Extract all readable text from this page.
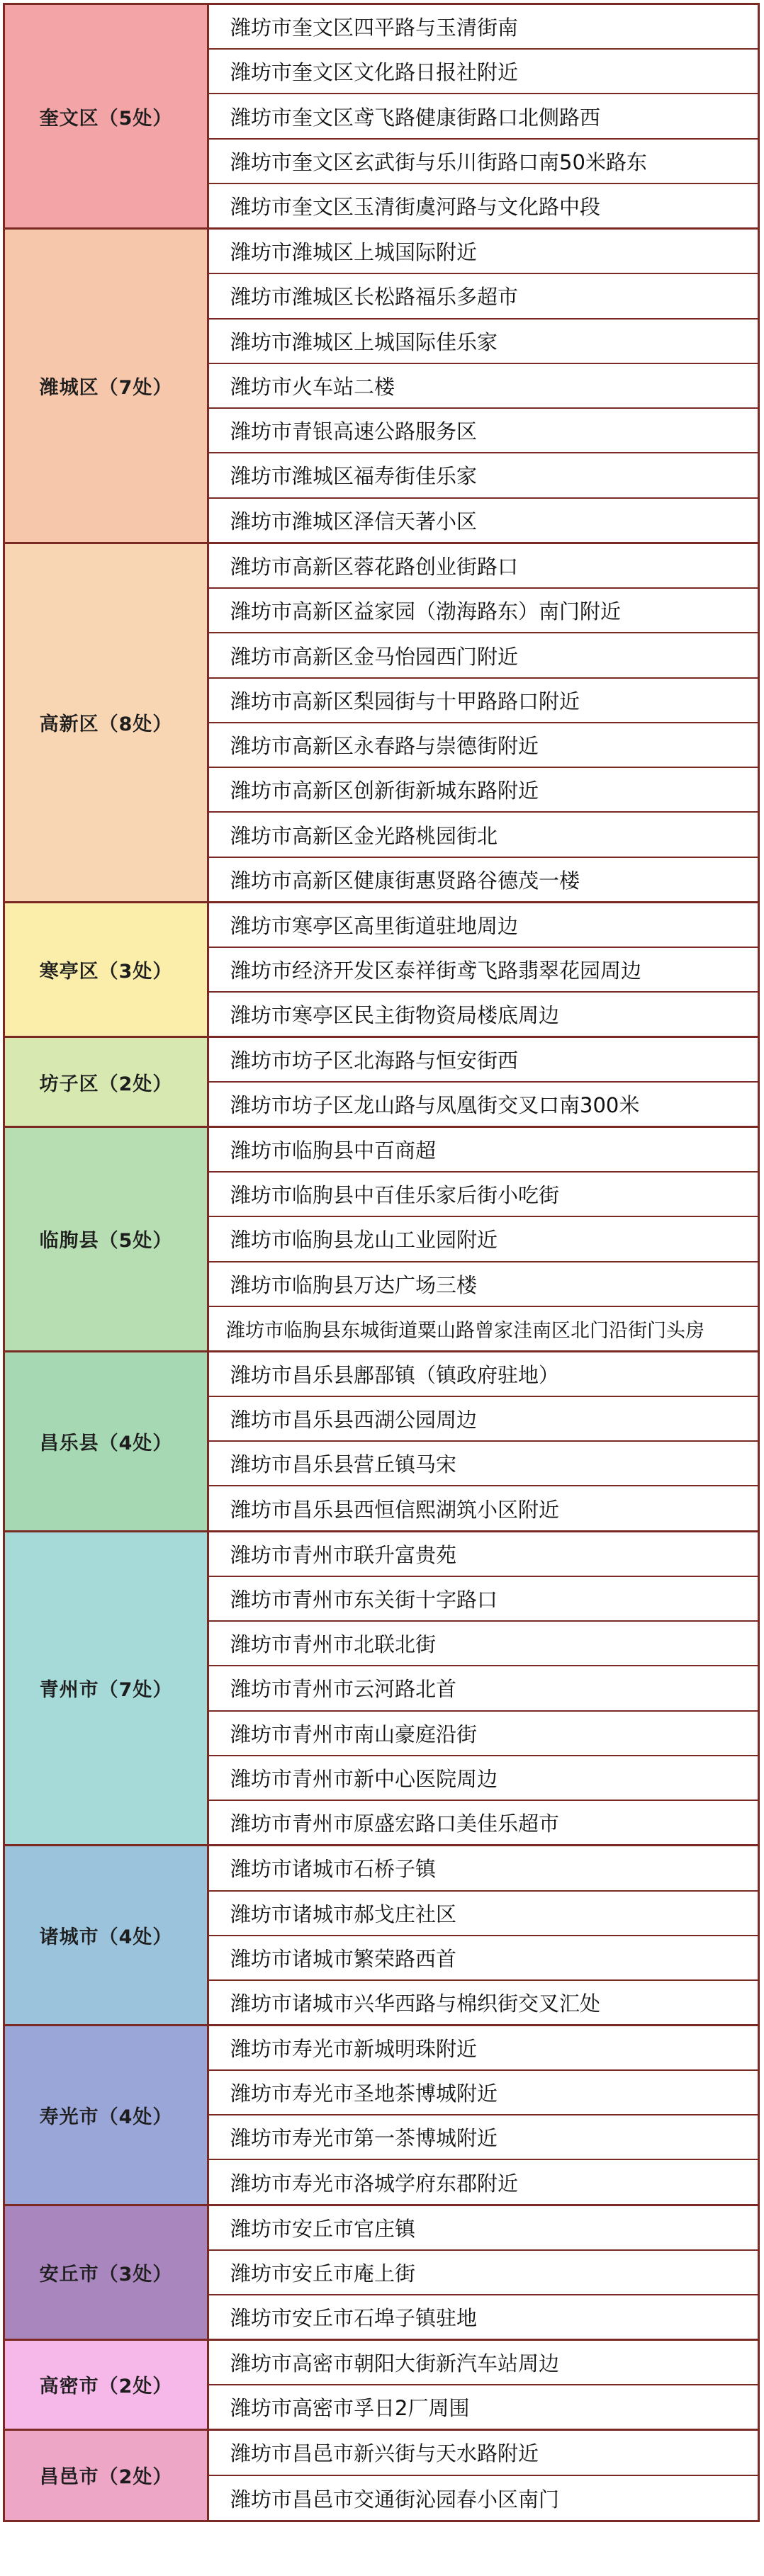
奎文区（5处）
潍坊市奎文区四平路与玉清街南
潍坊市奎文区文化路日报社附近
潍坊市奎文区鸢飞路健康街路口北侧路西
潍坊市奎文区玄武街与乐川街路口南50米路东
潍坊市奎文区玉清街虞河路与文化路中段
潍城区（7处）
潍坊市潍城区上城国际附近
潍坊市潍城区长松路福乐多超市
潍坊市潍城区上城国际佳乐家
潍坊市火车站二楼
潍坊市青银高速公路服务区
潍坊市潍城区福寿街佳乐家
潍坊市潍城区泽信天著小区
高新区（8处）
潍坊市高新区蓉花路创业街路口
潍坊市高新区益家园（渤海路东）南门附近
潍坊市高新区金马怡园西门附近
潍坊市高新区梨园街与十甲路路口附近
潍坊市高新区永春路与崇德街附近
潍坊市高新区创新街新城东路附近
潍坊市高新区金光路桃园街北
潍坊市高新区健康街惠贤路谷德茂一楼
寒亭区（3处）
潍坊市寒亭区高里街道驻地周边
潍坊市经济开发区泰祥街鸢飞路翡翠花园周边
潍坊市寒亭区民主街物资局楼底周边
坊子区（2处）
潍坊市坊子区北海路与恒安街西
潍坊市坊子区龙山路与凤凰街交叉口南300米
临朐县（5处）
潍坊市临朐县中百商超
潍坊市临朐县中百佳乐家后街小吃街
潍坊市临朐县龙山工业园附近
潍坊市临朐县万达广场三楼
潍坊市临朐县东城街道粟山路曾家洼南区北门沿街门头房
昌乐县（4处）
潍坊市昌乐县鄌郚镇（镇政府驻地）
潍坊市昌乐县西湖公园周边
潍坊市昌乐县营丘镇马宋
潍坊市昌乐县西恒信熙湖筑小区附近
青州市（7处）
潍坊市青州市联升富贵苑
潍坊市青州市东关街十字路口
潍坊市青州市北联北街
潍坊市青州市云河路北首
潍坊市青州市南山豪庭沿街
潍坊市青州市新中心医院周边
潍坊市青州市原盛宏路口美佳乐超市
诸城市（4处）
潍坊市诸城市石桥子镇
潍坊市诸城市郝戈庄社区
潍坊市诸城市繁荣路西首
潍坊市诸城市兴华西路与棉织街交叉汇处
寿光市（4处）
潍坊市寿光市新城明珠附近
潍坊市寿光市圣地茶博城附近
潍坊市寿光市第一茶博城附近
潍坊市寿光市洛城学府东郡附近
安丘市（3处）
潍坊市安丘市官庄镇
潍坊市安丘市庵上街
潍坊市安丘市石埠子镇驻地
高密市（2处）
潍坊市高密市朝阳大街新汽车站周边
潍坊市高密市孚日2厂周围
昌邑市（2处）
潍坊市昌邑市新兴街与天水路附近
潍坊市昌邑市交通街沁园春小区南门
